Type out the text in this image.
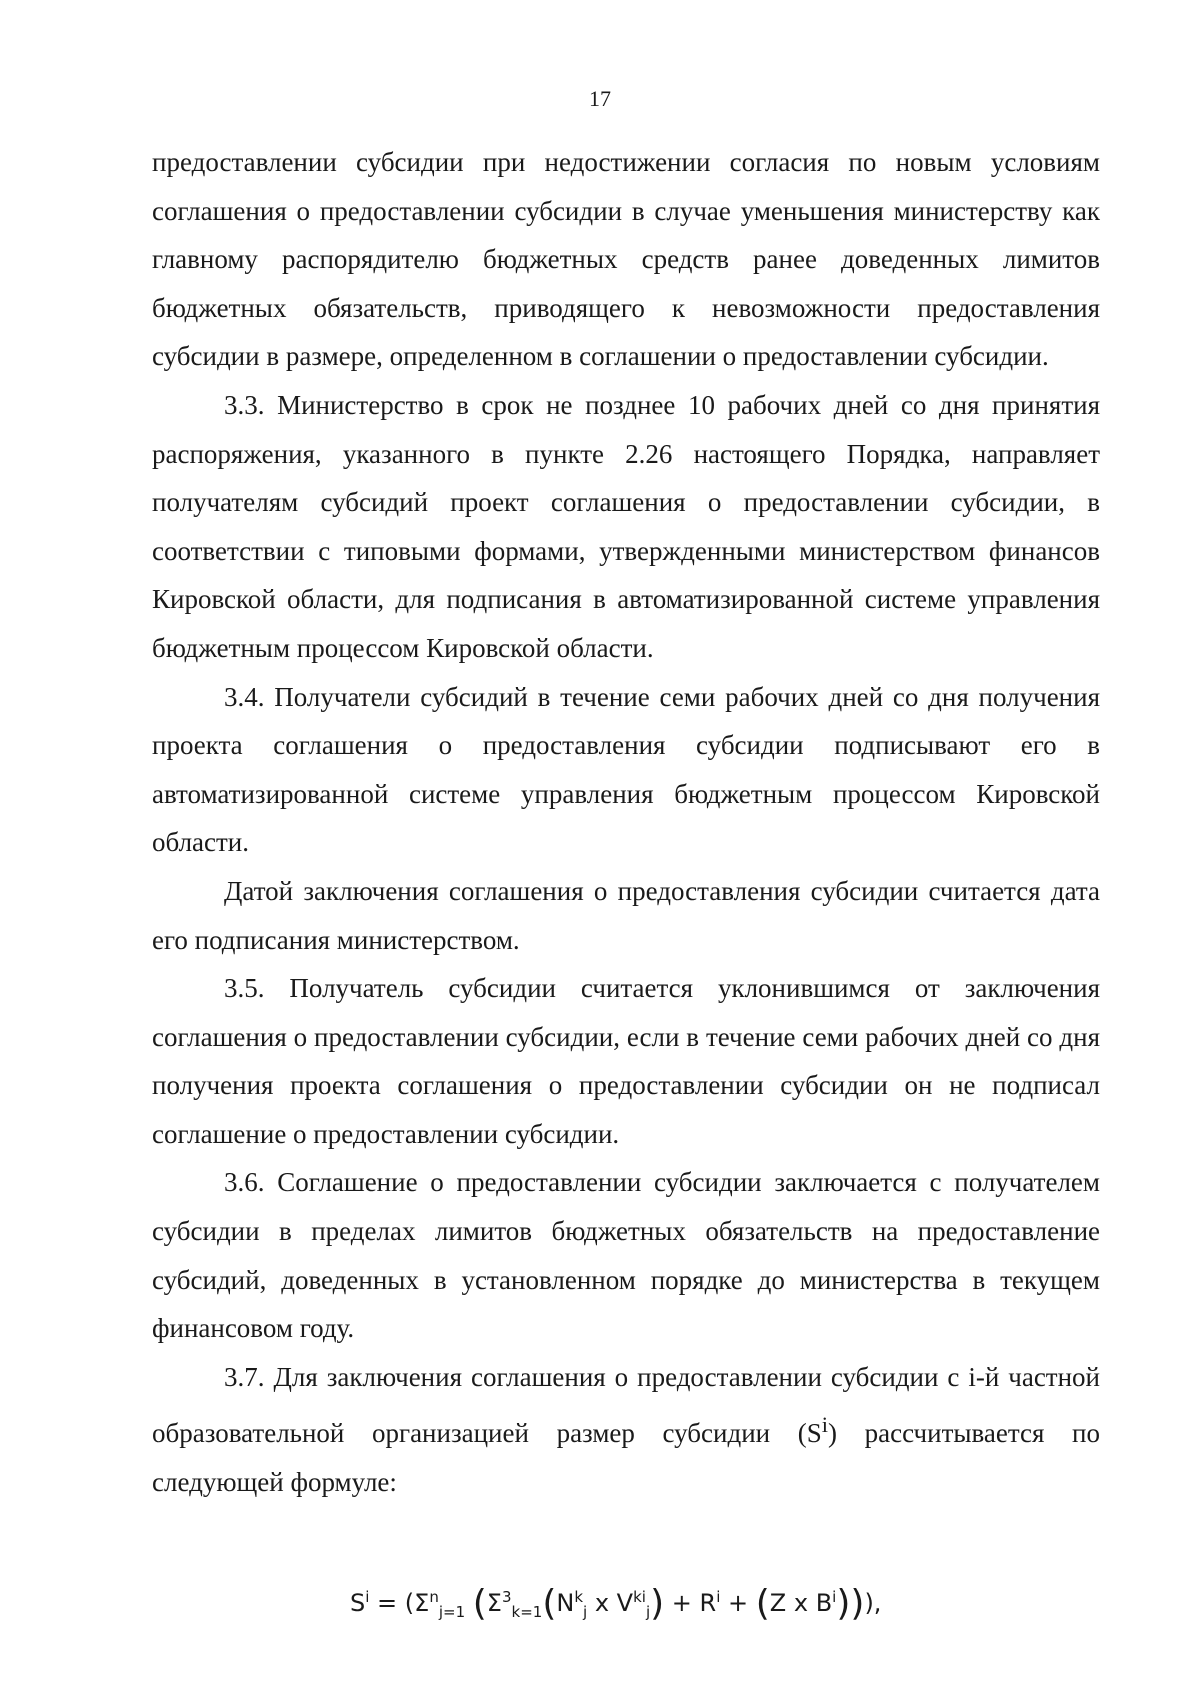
17

предоставлении субсидии при недостижении согласия по новым условиям соглашения о предоставлении субсидии в случае уменьшения министерству как главному распорядителю бюджетных средств ранее доведенных лимитов бюджетных обязательств, приводящего к невозможности предоставления субсидии в размере, определенном в соглашении о предоставлении субсидии.

3.3. Министерство в срок не позднее 10 рабочих дней со дня принятия распоряжения, указанного в пункте 2.26 настоящего Порядка, направляет получателям субсидий проект соглашения о предоставлении субсидии, в соответствии с типовыми формами, утвержденными министерством финансов Кировской области, для подписания в автоматизированной системе управления бюджетным процессом Кировской области.

3.4. Получатели субсидий в течение семи рабочих дней со дня получения проекта соглашения о предоставления субсидии подписывают его в автоматизированной системе управления бюджетным процессом Кировской области.

Датой заключения соглашения о предоставления субсидии считается дата его подписания министерством.

3.5. Получатель субсидии считается уклонившимся от заключения соглашения о предоставлении субсидии, если в течение семи рабочих дней со дня получения проекта соглашения о предоставлении субсидии он не подписал соглашение о предоставлении субсидии.

3.6. Соглашение о предоставлении субсидии заключается с получателем субсидии в пределах лимитов бюджетных обязательств на предоставление субсидий, доведенных в установленном порядке до министерства в текущем финансовом году.

3.7. Для заключения соглашения о предоставлении субсидии с i-й частной образовательной организацией размер субсидии $(S^i)$ рассчитывается по следующей формуле:

$S^i = (\Sigma^n_{j=1}$ ($\Sigma^3_{k=1}(N^k_j$ x $V^{ki}_j) + R^i + (Z$ x $B^i$))),
